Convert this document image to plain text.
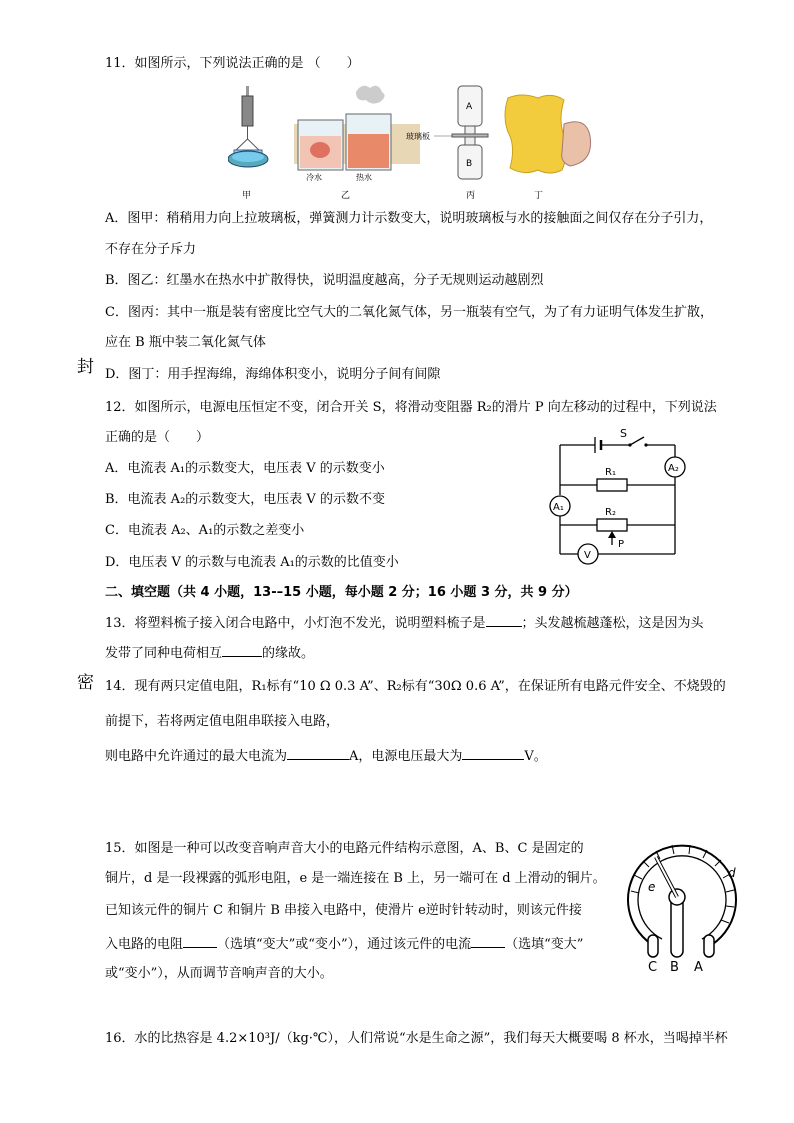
封
密
11．如图所示，下列说法正确的是 （　　）
甲
冷水	热水
乙
A
B
玻璃板
丙	丁
A．图甲：稍稍用力向上拉玻璃板，弹簧测力计示数变大，说明玻璃板与水的接触面之间仅存在分子引力，
不存在分子斥力
B．图乙：红墨水在热水中扩散得快，说明温度越高，分子无规则运动越剧烈
C．图丙：其中一瓶是装有密度比空气大的二氧化氮气体，另一瓶装有空气，为了有力证明气体发生扩散，
应在 B 瓶中装二氧化氮气体
D．图丁：用手捏海绵，海绵体积变小，说明分子间有间隙
12．如图所示，电源电压恒定不变，闭合开关 S，将滑动变阻器 R₂的滑片 P 向左移动的过程中，下列说法
正确的是（　　）
A．电流表 A₁的示数变大，电压表 V 的示数变小
B．电流表 A₂的示数变大，电压表 V 的示数不变
C．电流表 A₂、A₁的示数之差变小
D．电压表 V 的示数与电流表 A₁的示数的比值变小
S
R₁
R₂
A₂
A₁
V
P
二、填空题（共 4 小题，13-–15 小题，每小题 2 分；16 小题 3 分，共 9 分）
13．将塑料梳子接入闭合电路中，小灯泡不发光，说明塑料梳子是	；头发越梳越蓬松，这是因为头
发带了同种电荷相互	的缘故。
14．现有两只定值电阻，R₁标有“10 Ω 0.3 A”、R₂标有“30Ω 0.6 A”，在保证所有电路元件安全、不烧毁的
前提下，若将两定值电阻串联接入电路，
则电路中允许通过的最大电流为	A，电源电压最大为	V。
15．如图是一种可以改变音响声音大小的电路元件结构示意图，A、B、C 是固定的
铜片，d 是一段裸露的弧形电阻，e 是一端连接在 B 上，另一端可在 d 上滑动的铜片。
已知该元件的铜片 C 和铜片 B 串接入电路中，使滑片 e逆时针转动时，则该元件接
入电路的电阻	（选填“变大”或“变小”），通过该元件的电流	（选填“变大”
或“变小”），从而调节音响声音的大小。	C B A
d
e
16．水的比热容是 4.2×10³J/（kg·℃），人们常说“水是生命之源”，我们每天大概要喝 8 杯水，当喝掉半杯
